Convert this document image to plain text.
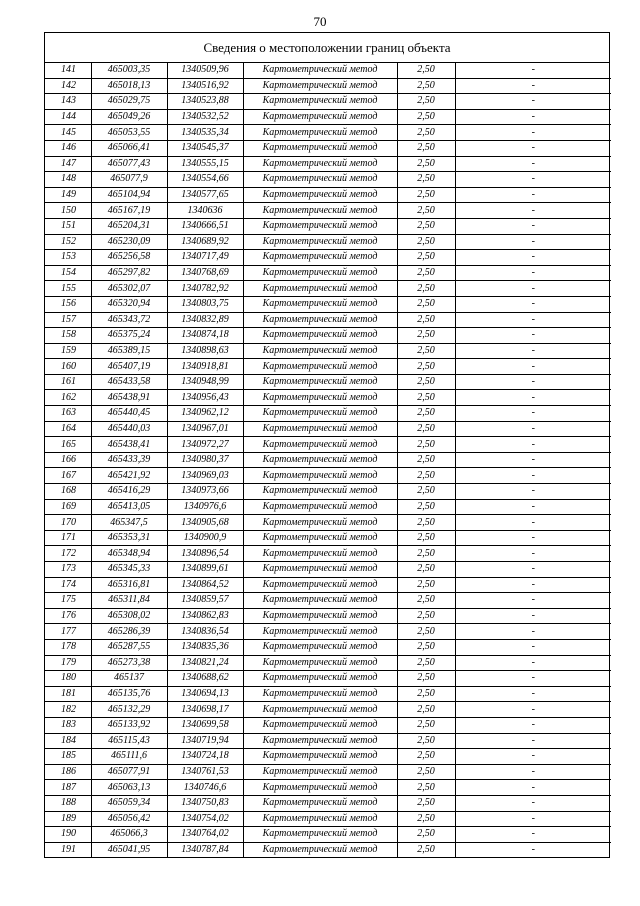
70
Сведения о местоположении границ объекта
141	465003,35	1340509,96	Картометрический метод	2,50	-
142	465018,13	1340516,92	Картометрический метод	2,50	-
143	465029,75	1340523,88	Картометрический метод	2,50	-
144	465049,26	1340532,52	Картометрический метод	2,50	-
145	465053,55	1340535,34	Картометрический метод	2,50	-
146	465066,41	1340545,37	Картометрический метод	2,50	-
147	465077,43	1340555,15	Картометрический метод	2,50	-
148	465077,9	1340554,66	Картометрический метод	2,50	-
149	465104,94	1340577,65	Картометрический метод	2,50	-
150	465167,19	1340636	Картометрический метод	2,50	-
151	465204,31	1340666,51	Картометрический метод	2,50	-
152	465230,09	1340689,92	Картометрический метод	2,50	-
153	465256,58	1340717,49	Картометрический метод	2,50	-
154	465297,82	1340768,69	Картометрический метод	2,50	-
155	465302,07	1340782,92	Картометрический метод	2,50	-
156	465320,94	1340803,75	Картометрический метод	2,50	-
157	465343,72	1340832,89	Картометрический метод	2,50	-
158	465375,24	1340874,18	Картометрический метод	2,50	-
159	465389,15	1340898,63	Картометрический метод	2,50	-
160	465407,19	1340918,81	Картометрический метод	2,50	-
161	465433,58	1340948,99	Картометрический метод	2,50	-
162	465438,91	1340956,43	Картометрический метод	2,50	-
163	465440,45	1340962,12	Картометрический метод	2,50	-
164	465440,03	1340967,01	Картометрический метод	2,50	-
165	465438,41	1340972,27	Картометрический метод	2,50	-
166	465433,39	1340980,37	Картометрический метод	2,50	-
167	465421,92	1340969,03	Картометрический метод	2,50	-
168	465416,29	1340973,66	Картометрический метод	2,50	-
169	465413,05	1340976,6	Картометрический метод	2,50	-
170	465347,5	1340905,68	Картометрический метод	2,50	-
171	465353,31	1340900,9	Картометрический метод	2,50	-
172	465348,94	1340896,54	Картометрический метод	2,50	-
173	465345,33	1340899,61	Картометрический метод	2,50	-
174	465316,81	1340864,52	Картометрический метод	2,50	-
175	465311,84	1340859,57	Картометрический метод	2,50	-
176	465308,02	1340862,83	Картометрический метод	2,50	-
177	465286,39	1340836,54	Картометрический метод	2,50	-
178	465287,55	1340835,36	Картометрический метод	2,50	-
179	465273,38	1340821,24	Картометрический метод	2,50	-
180	465137	1340688,62	Картометрический метод	2,50	-
181	465135,76	1340694,13	Картометрический метод	2,50	-
182	465132,29	1340698,17	Картометрический метод	2,50	-
183	465133,92	1340699,58	Картометрический метод	2,50	-
184	465115,43	1340719,94	Картометрический метод	2,50	-
185	465111,6	1340724,18	Картометрический метод	2,50	-
186	465077,91	1340761,53	Картометрический метод	2,50	-
187	465063,13	1340746,6	Картометрический метод	2,50	-
188	465059,34	1340750,83	Картометрический метод	2,50	-
189	465056,42	1340754,02	Картометрический метод	2,50	-
190	465066,3	1340764,02	Картометрический метод	2,50	-
191	465041,95	1340787,84	Картометрический метод	2,50	-
